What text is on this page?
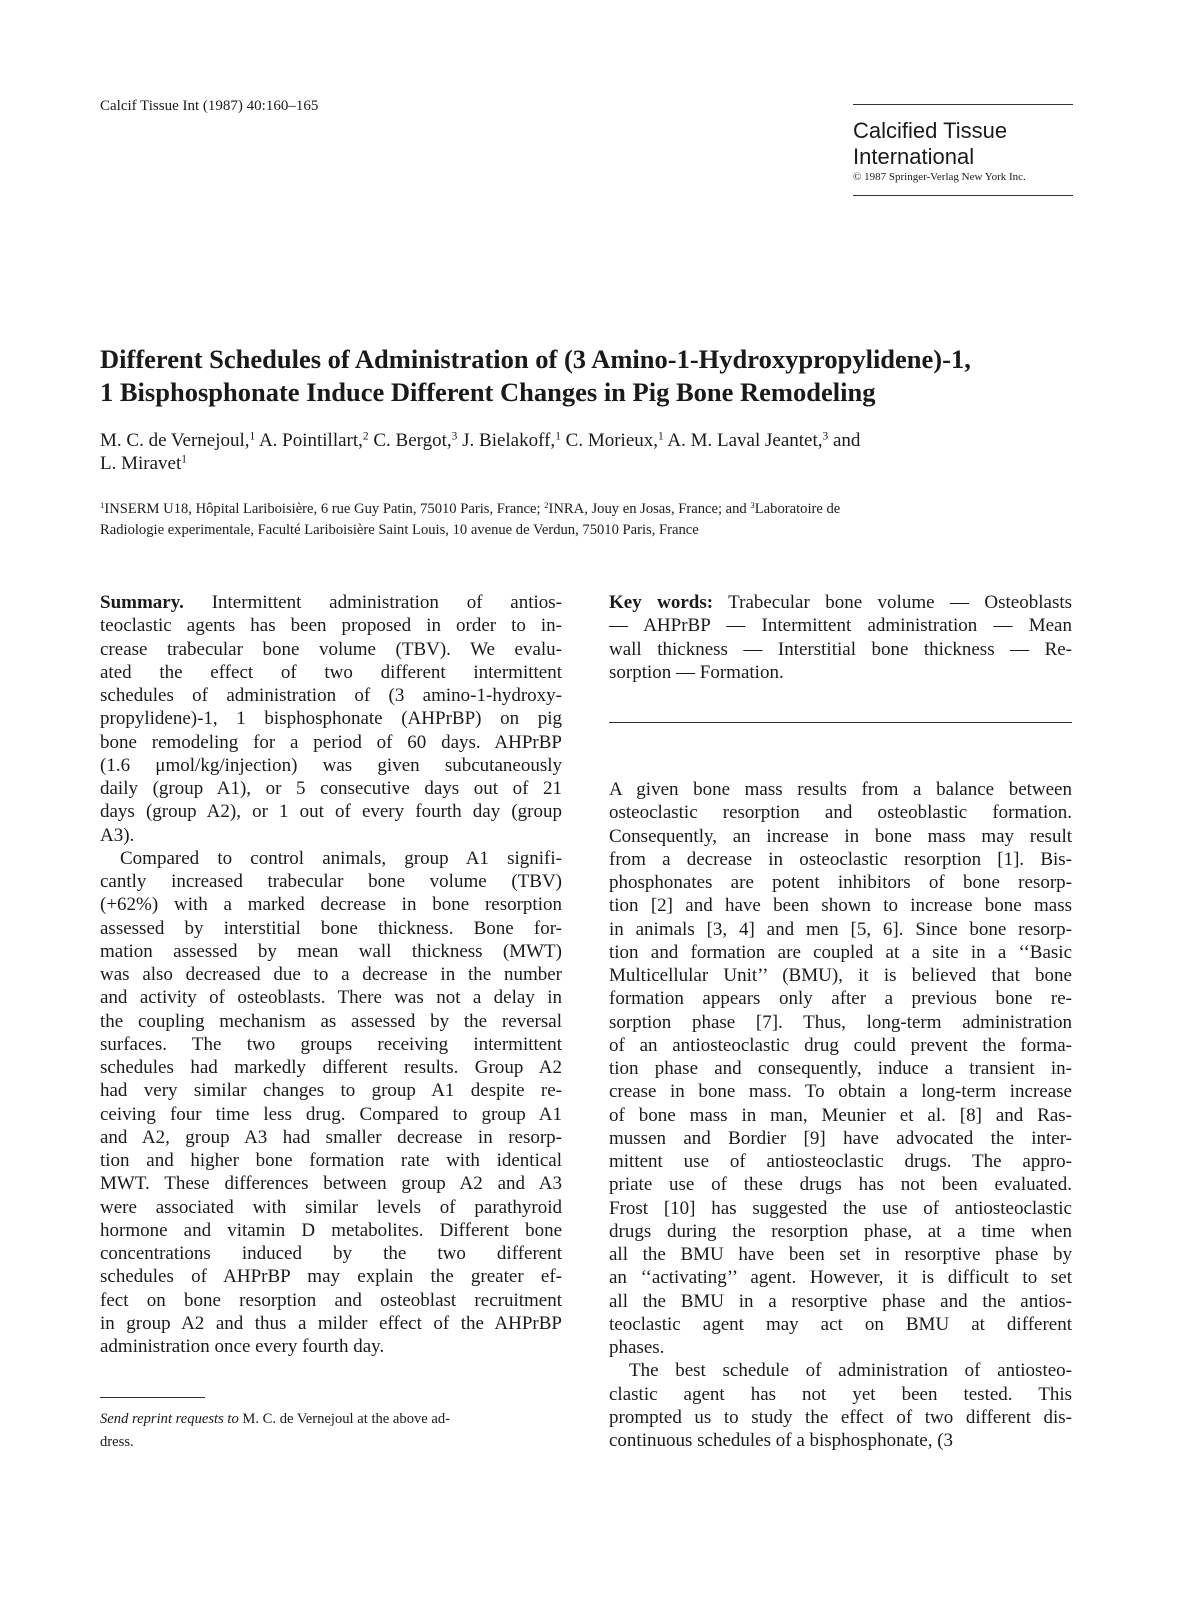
Calcif Tissue Int (1987) 40:160–165
Calcified Tissue
International
© 1987 Springer-Verlag New York Inc.
Different Schedules of Administration of (3 Amino-1-Hydroxypropylidene)-1,
1 Bisphosphonate Induce Different Changes in Pig Bone Remodeling
M. C. de Vernejoul,$^1$ A. Pointillart,$^2$ C. Bergot,$^3$ J. Bielakoff,$^1$ C. Morieux,$^1$ A. M. Laval Jeantet,$^3$ and
L. Miravet$^1$
$^1$INSERM U18, Hôpital Lariboisière, 6 rue Guy Patin, 75010 Paris, France; $^2$INRA, Jouy en Josas, France; and $^3$Laboratoire de
Radiologie experimentale, Faculté Lariboisière Saint Louis, 10 avenue de Verdun, 75010 Paris, France
Summary. Intermittent administration of antios-
teoclastic agents has been proposed in order to in-
crease trabecular bone volume (TBV). We evalu-
ated the effect of two different intermittent
schedules of administration of (3 amino-1-hydroxy-
propylidene)-1, 1 bisphosphonate (AHPrBP) on pig
bone remodeling for a period of 60 days. AHPrBP
(1.6 μmol/kg/injection) was given subcutaneously
daily (group A1), or 5 consecutive days out of 21
days (group A2), or 1 out of every fourth day (group
A3).
Compared to control animals, group A1 signifi-
cantly increased trabecular bone volume (TBV)
(+62%) with a marked decrease in bone resorption
assessed by interstitial bone thickness. Bone for-
mation assessed by mean wall thickness (MWT)
was also decreased due to a decrease in the number
and activity of osteoblasts. There was not a delay in
the coupling mechanism as assessed by the reversal
surfaces. The two groups receiving intermittent
schedules had markedly different results. Group A2
had very similar changes to group A1 despite re-
ceiving four time less drug. Compared to group A1
and A2, group A3 had smaller decrease in resorp-
tion and higher bone formation rate with identical
MWT. These differences between group A2 and A3
were associated with similar levels of parathyroid
hormone and vitamin D metabolites. Different bone
concentrations induced by the two different
schedules of AHPrBP may explain the greater ef-
fect on bone resorption and osteoblast recruitment
in group A2 and thus a milder effect of the AHPrBP
administration once every fourth day.
Key words: Trabecular bone volume — Osteoblasts
— AHPrBP — Intermittent administration — Mean
wall thickness — Interstitial bone thickness — Re-
sorption — Formation.
A given bone mass results from a balance between
osteoclastic resorption and osteoblastic formation.
Consequently, an increase in bone mass may result
from a decrease in osteoclastic resorption [1]. Bis-
phosphonates are potent inhibitors of bone resorp-
tion [2] and have been shown to increase bone mass
in animals [3, 4] and men [5, 6]. Since bone resorp-
tion and formation are coupled at a site in a ‘‘Basic
Multicellular Unit’’ (BMU), it is believed that bone
formation appears only after a previous bone re-
sorption phase [7]. Thus, long-term administration
of an antiosteoclastic drug could prevent the forma-
tion phase and consequently, induce a transient in-
crease in bone mass. To obtain a long-term increase
of bone mass in man, Meunier et al. [8] and Ras-
mussen and Bordier [9] have advocated the inter-
mittent use of antiosteoclastic drugs. The appro-
priate use of these drugs has not been evaluated.
Frost [10] has suggested the use of antiosteoclastic
drugs during the resorption phase, at a time when
all the BMU have been set in resorptive phase by
an ‘‘activating’’ agent. However, it is difficult to set
all the BMU in a resorptive phase and the antios-
teoclastic agent may act on BMU at different
phases.
The best schedule of administration of antiosteo-
clastic agent has not yet been tested. This
prompted us to study the effect of two different dis-
continuous schedules of a bisphosphonate, (3
Send reprint requests to M. C. de Vernejoul at the above ad-
dress.
